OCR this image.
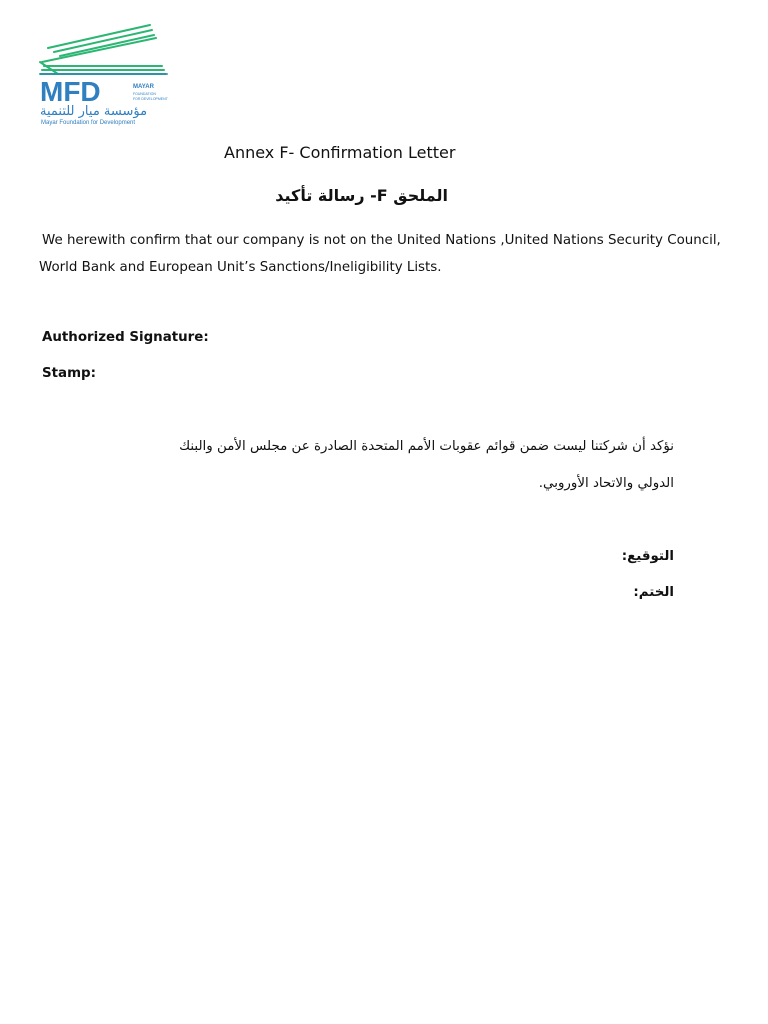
MFD	MAYAR
FOUNDATION
FOR DEVELOPMENT
مؤسسة ميار للتنمية
Mayar Foundation for Development
Annex F- Confirmation Letter
الملحق F- رسالة تأكيد
We herewith confirm that our company is not on the United Nations ,United Nations Security Council, World Bank and European Unit’s Sanctions/Ineligibility Lists.
Authorized Signature:
Stamp:
نؤكد أن شركتنا ليست ضمن قوائم عقوبات الأمم المتحدة الصادرة عن مجلس الأمن والبنك
الدولي والاتحاد الأوروبي.
التوقيع:
الختم:
